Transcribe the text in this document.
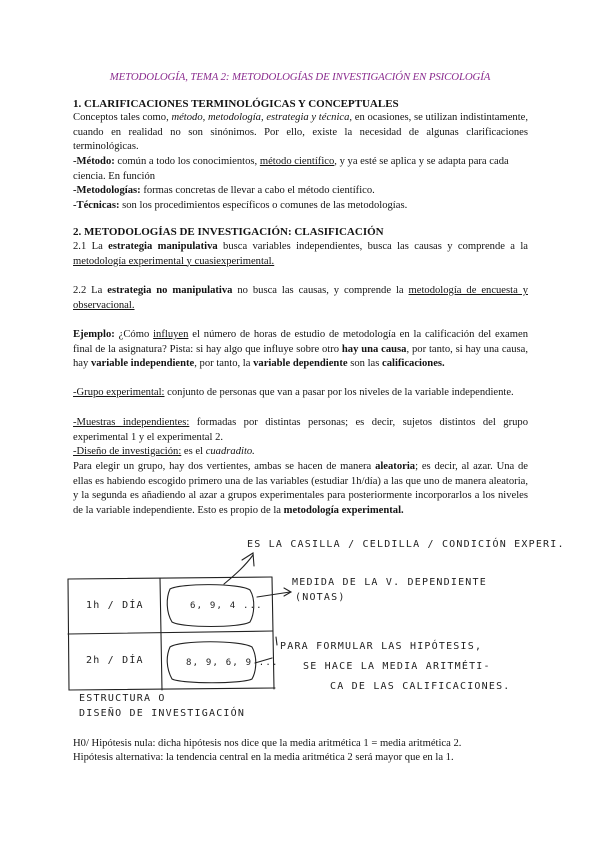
METODOLOGÍA, TEMA 2: METODOLOGÍAS DE INVESTIGACIÓN EN PSICOLOGÍA
1. CLARIFICACIONES TERMINOLÓGICAS Y CONCEPTUALES
Conceptos tales como, método, metodología, estrategia y técnica, en ocasiones, se utilizan indistintamente, cuando en realidad no son sinónimos. Por ello, existe la necesidad de algunas clarificaciones terminológicas.
-Método: común a todo los conocimientos, método científico, y ya esté se aplica y se adapta para cada ciencia. En función
-Metodologías: formas concretas de llevar a cabo el método científico.
-Técnicas: son los procedimientos específicos o comunes de las metodologías.
2. METODOLOGÍAS DE INVESTIGACIÓN: CLASIFICACIÓN
2.1 La estrategia manipulativa busca variables independientes, busca las causas y comprende a la metodología experimental y cuasiexperimental.
2.2 La estrategia no manipulativa no busca las causas, y comprende la metodología de encuesta y observacional.
Ejemplo: ¿Cómo influyen el número de horas de estudio de metodología en la calificación del examen final de la asignatura? Pista: si hay algo que influye sobre otro hay una causa, por tanto, si hay una causa, hay variable independiente, por tanto, la variable dependiente son las calificaciones.
-Grupo experimental: conjunto de personas que van a pasar por los niveles de la variable independiente.
-Muestras independientes: formadas por distintas personas; es decir, sujetos distintos del grupo experimental 1 y el experimental 2.
-Diseño de investigación: es el cuadradito.
Para elegir un grupo, hay dos vertientes, ambas se hacen de manera aleatoria; es decir, al azar. Una de ellas es habiendo escogido primero una de las variables (estudiar 1h/día) a las que uno de manera aleatoria, y la segunda es añadiendo al azar a grupos experimentales para posteriormente incorporarlos a los niveles de la variable independiente. Esto es propio de la metodología experimental.
ES LA CASILLA / CELDILLA / CONDICIÓN EXPERI.
1h / DÍA
2h / DÍA
6, 9, 4 ...
8, 9, 6, 9 ...
MEDIDA DE LA V. DEPENDIENTE
(NOTAS)
PARA FORMULAR LAS HIPÓTESIS,
SE HACE LA MEDIA ARITMÉTI-
CA DE LAS CALIFICACIONES.
ESTRUCTURA O
DISEÑO DE INVESTIGACIÓN
H0/ Hipótesis nula: dicha hipótesis nos dice que la media aritmética 1 = media aritmética 2.
Hipótesis alternativa: la tendencia central en la media aritmética 2 será mayor que en la 1.
